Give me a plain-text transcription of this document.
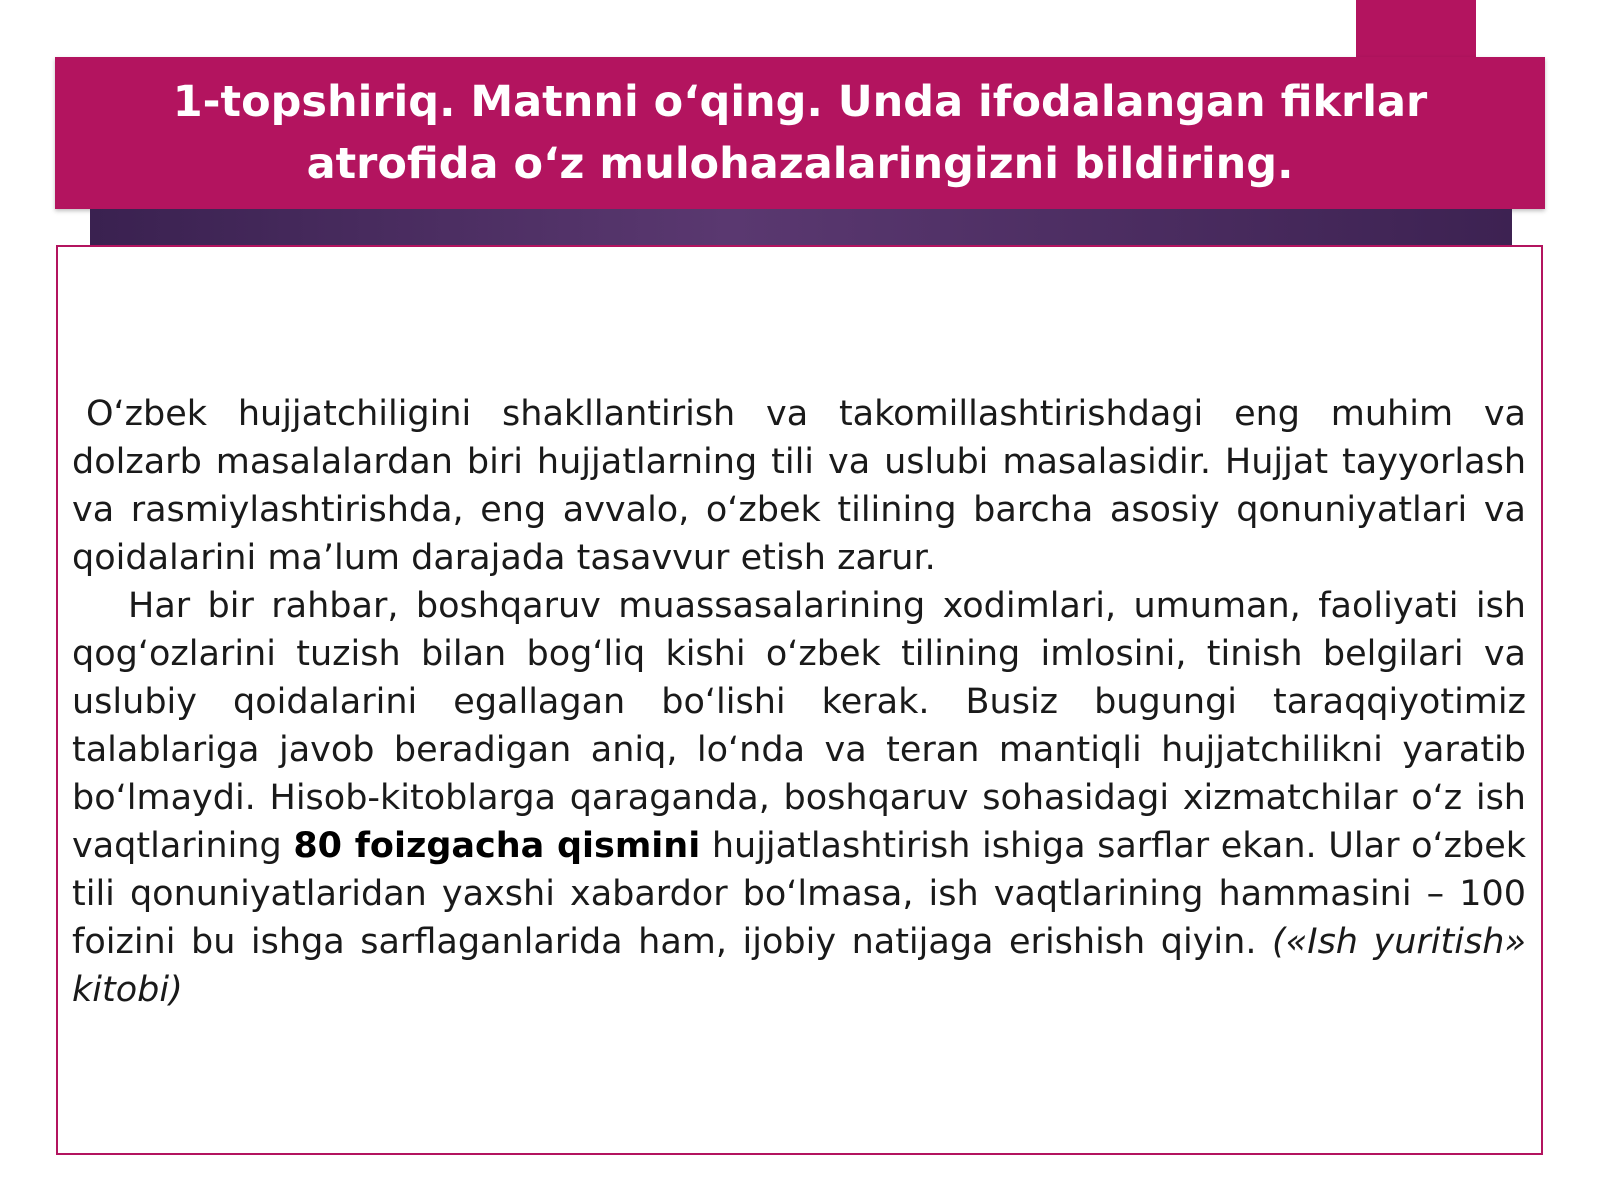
1-topshiriq. Matnni o‘qing. Unda ifodalangan fikrlar
atrofida o‘z mulohazalaringizni bildiring.

O‘zbek hujjatchiligini shakllantirish va takomillashtirishdagi eng muhim va dolzarb masalalardan biri hujjatlarning tili va uslubi masalasidir. Hujjat tayyorlash va rasmiylashtirishda, eng avvalo, o‘zbek tilining barcha asosiy qonuniyatlari va qoidalarini ma’lum darajada tasavvur etish zarur.

Har bir rahbar, boshqaruv muassasalarining xodimlari, umuman, faoliyati ish qog‘ozlarini tuzish bilan bog‘liq kishi o‘zbek tilining imlosini, tinish belgilari va uslubiy qoidalarini egallagan bo‘lishi kerak. Busiz bugungi taraqqiyotimiz talablariga javob beradigan aniq, lo‘nda va teran mantiqli hujjatchilikni yaratib bo‘lmaydi. Hisob-kitoblarga qaraganda, boshqaruv sohasidagi xizmatchilar o‘z ish vaqtlarining 80 foizgacha qismini hujjatlashtirish ishiga sarflar ekan. Ular o‘zbek tili qonuniyatlaridan yaxshi xabardor bo‘lmasa, ish vaqtlarining hammasini – 100 foizini bu ishga sarflaganlarida ham, ijobiy natijaga erishish qiyin. («Ish yuritish» kitobi)
